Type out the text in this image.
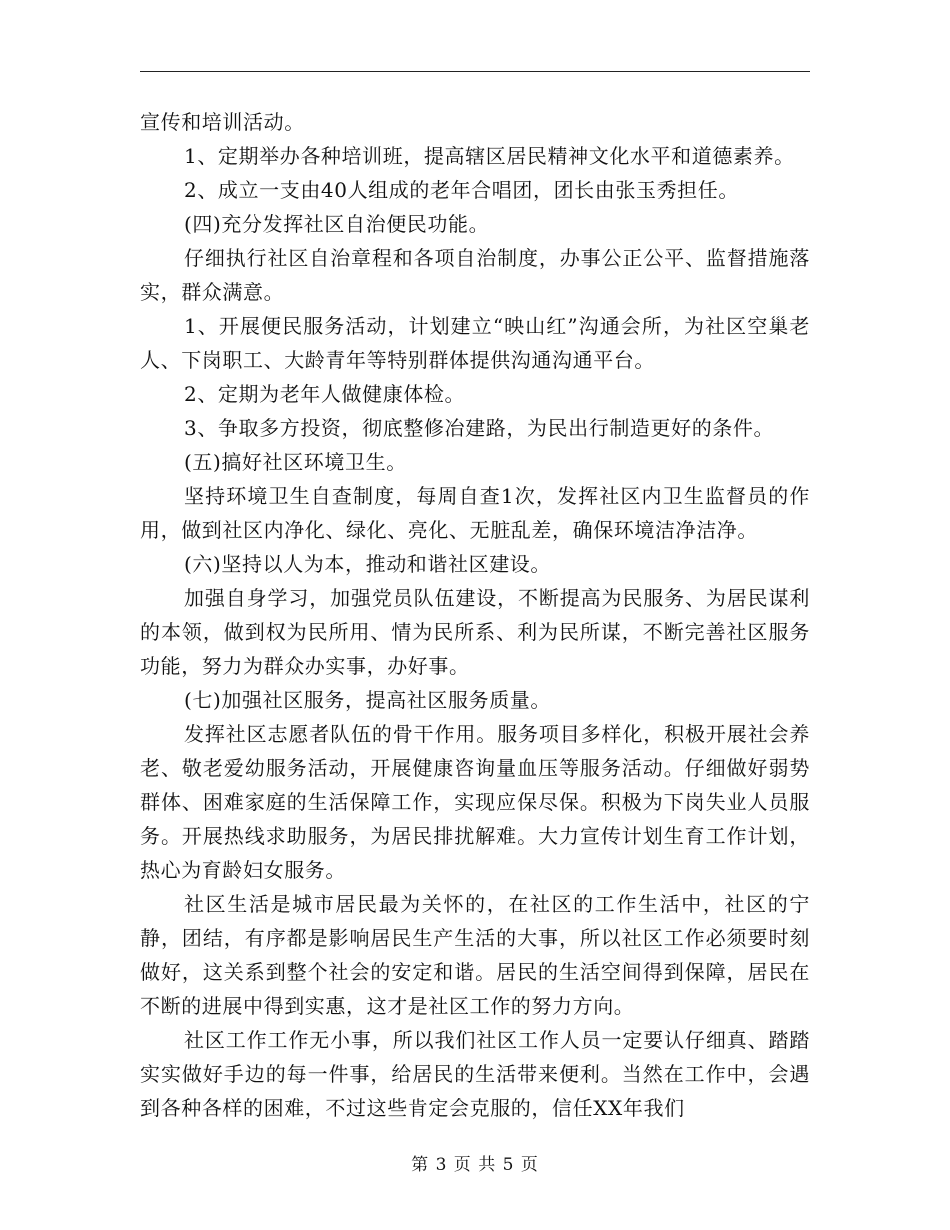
宣传和培训活动。

1、定期举办各种培训班，提高辖区居民精神文化水平和道德素养。

2、成立一支由40人组成的老年合唱团，团长由张玉秀担任。

(四)充分发挥社区自治便民功能。

仔细执行社区自治章程和各项自治制度，办事公正公平、监督措施落实，群众满意。

1、开展便民服务活动，计划建立“映山红”沟通会所，为社区空巢老人、下岗职工、大龄青年等特别群体提供沟通沟通平台。

2、定期为老年人做健康体检。

3、争取多方投资，彻底整修冶建路，为民出行制造更好的条件。

(五)搞好社区环境卫生。

坚持环境卫生自查制度，每周自查1次，发挥社区内卫生监督员的作用，做到社区内净化、绿化、亮化、无脏乱差，确保环境洁净洁净。

(六)坚持以人为本，推动和谐社区建设。

加强自身学习，加强党员队伍建设，不断提高为民服务、为居民谋利的本领，做到权为民所用、情为民所系、利为民所谋，不断完善社区服务功能，努力为群众办实事，办好事。

(七)加强社区服务，提高社区服务质量。

发挥社区志愿者队伍的骨干作用。服务项目多样化，积极开展社会养老、敬老爱幼服务活动，开展健康咨询量血压等服务活动。仔细做好弱势群体、困难家庭的生活保障工作，实现应保尽保。积极为下岗失业人员服务。开展热线求助服务，为居民排扰解难。大力宣传计划生育工作计划，热心为育龄妇女服务。

社区生活是城市居民最为关怀的，在社区的工作生活中，社区的宁静，团结，有序都是影响居民生产生活的大事，所以社区工作必须要时刻做好，这关系到整个社会的安定和谐。居民的生活空间得到保障，居民在不断的进展中得到实惠，这才是社区工作的努力方向。

社区工作工作无小事，所以我们社区工作人员一定要认仔细真、踏踏实实做好手边的每一件事，给居民的生活带来便利。当然在工作中，会遇到各种各样的困难，不过这些肯定会克服的，信任XX年我们

第 3 页 共 5 页
